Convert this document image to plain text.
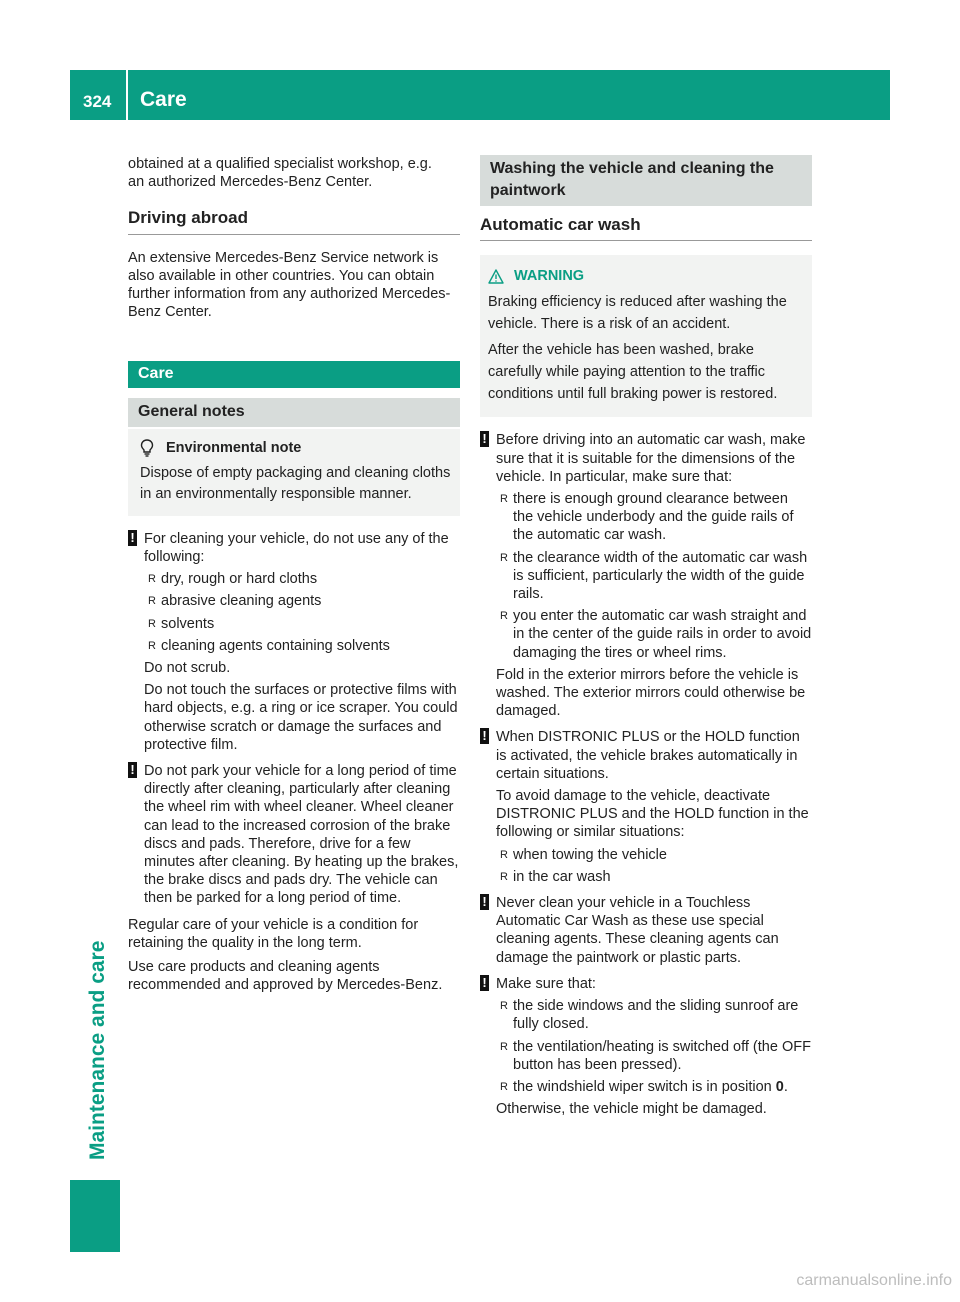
324 Care
Maintenance and care

obtained at a qualified specialist workshop, e.g.

an authorized Mercedes-Benz Center.

Driving abroad

An extensive Mercedes-Benz Service network is also available in other countries. You can obtain further information from any authorized Mercedes-Benz Center.

Care
General notes
Environmental note

Dispose of empty packaging and cleaning cloths in an environmentally responsible manner.

! For cleaning your vehicle, do not use any of the following:

R dry, rough or hard cloths
R abrasive cleaning agents
R solvents
R cleaning agents containing solvents

Do not scrub.

Do not touch the surfaces or protective films with hard objects, e.g. a ring or ice scraper. You could otherwise scratch or damage the surfaces and protective film.

! Do not park your vehicle for a long period of time directly after cleaning, particularly after cleaning the wheel rim with wheel cleaner. Wheel cleaner can lead to the increased corrosion of the brake discs and pads. Therefore, drive for a few minutes after cleaning. By heating up the brakes, the brake discs and pads dry. The vehicle can then be parked for a long period of time.

Regular care of your vehicle is a condition for retaining the quality in the long term.

Use care products and cleaning agents recommended and approved by Mercedes-Benz.

Washing the vehicle and cleaning the paintwork
Automatic car wash
WARNING

Braking efficiency is reduced after washing the vehicle. There is a risk of an accident.

After the vehicle has been washed, brake carefully while paying attention to the traffic conditions until full braking power is restored.

! Before driving into an automatic car wash, make sure that it is suitable for the dimensions of the vehicle. In particular, make sure that:

R there is enough ground clearance between the vehicle underbody and the guide rails of the automatic car wash.
R the clearance width of the automatic car wash is sufficient, particularly the width of the guide rails.
R you enter the automatic car wash straight and in the center of the guide rails in order to avoid damaging the tires or wheel rims.

Fold in the exterior mirrors before the vehicle is washed. The exterior mirrors could otherwise be damaged.

! When DISTRONIC PLUS or the HOLD function is activated, the vehicle brakes automatically in certain situations.

To avoid damage to the vehicle, deactivate DISTRONIC PLUS and the HOLD function in the following or similar situations:

R when towing the vehicle
R in the car wash
! Never clean your vehicle in a Touchless Automatic Car Wash as these use special cleaning agents. These cleaning agents can damage the paintwork or plastic parts.

! Make sure that:

R the side windows and the sliding sunroof are fully closed.
R the ventilation/heating is switched off (the OFF button has been pressed).
R the windshield wiper switch is in position 0.

Otherwise, the vehicle might be damaged.

carmanualsonline.info
